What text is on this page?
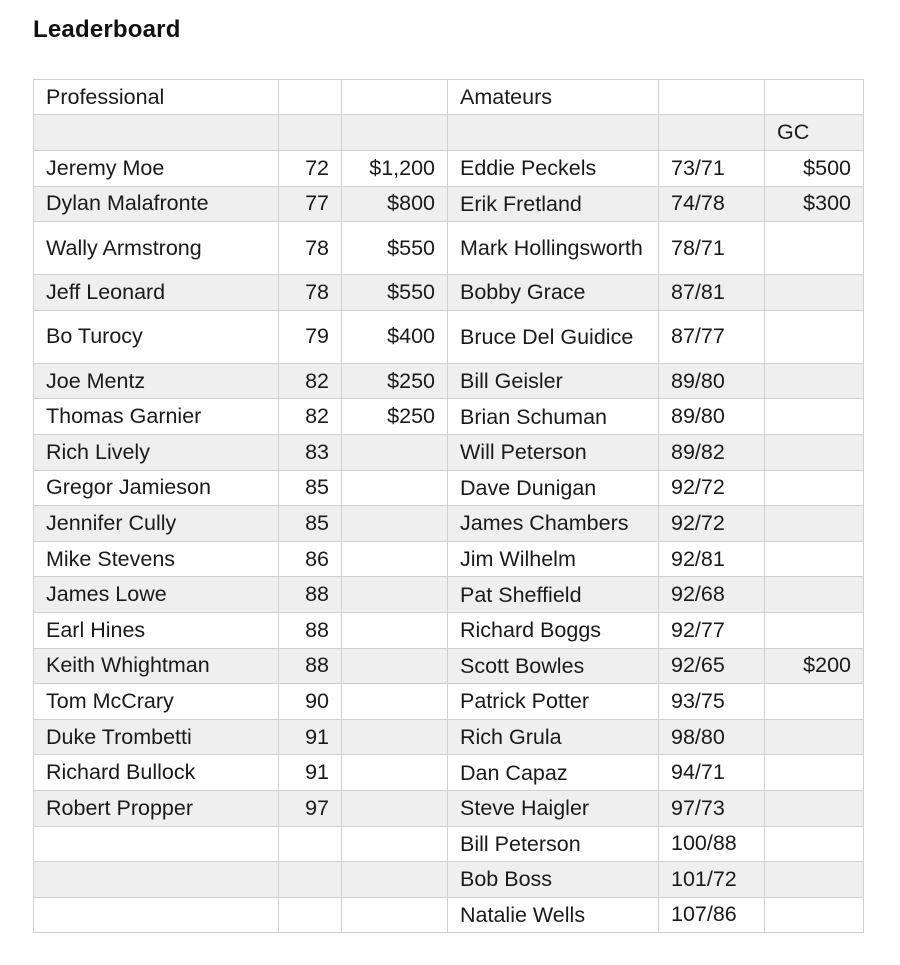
Leaderboard
Professional			Amateurs		
					GC
Jeremy Moe	72	$1,200	Eddie Peckels	73/71	$500
Dylan Malafronte	77	$800	Erik Fretland	74/78	$300
Wally Armstrong	78	$550	Mark Hollingsworth	78/71	
Jeff Leonard	78	$550	Bobby Grace	87/81	
Bo Turocy	79	$400	Bruce Del Guidice	87/77	
Joe Mentz	82	$250	Bill Geisler	89/80	
Thomas Garnier	82	$250	Brian Schuman	89/80	
Rich Lively	83		Will Peterson	89/82	
Gregor Jamieson	85		Dave Dunigan	92/72	
Jennifer Cully	85		James Chambers	92/72	
Mike Stevens	86		Jim Wilhelm	92/81	
James Lowe	88		Pat Sheffield	92/68	
Earl Hines	88		Richard Boggs	92/77	
Keith Whightman	88		Scott Bowles	92/65	$200
Tom McCrary	90		Patrick Potter	93/75	
Duke Trombetti	91		Rich Grula	98/80	
Richard Bullock	91		Dan Capaz	94/71	
Robert Propper	97		Steve Haigler	97/73	
			Bill Peterson	100/88	
			Bob Boss	101/72	
			Natalie Wells	107/86	
